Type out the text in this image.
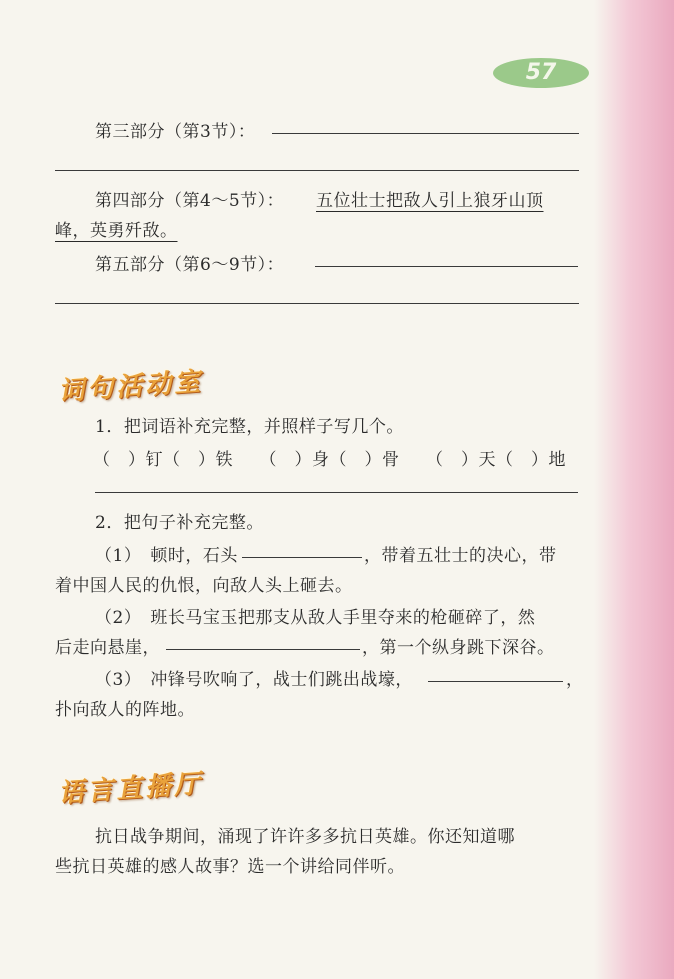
57
第三部分（第3节）：
第四部分（第4～5节）： 五位壮士把敌人引上狼牙山顶
峰，英勇歼敌。
第五部分（第6～9节）：
词句活动室
1．把词语补充完整，并照样子写几个。
（　）钉（　）铁　　（　）身（　）骨　　（　）天（　）地
2．把句子补充完整。
（1）　顿时，石头	，带着五壮士的决心，带
着中国人民的仇恨，向敌人头上砸去。
（2）　班长马宝玉把那支从敌人手里夺来的枪砸碎了，然
后走向悬崖，	，第一个纵身跳下深谷。
（3）　冲锋号吹响了，战士们跳出战壕，	，
扑向敌人的阵地。
语言直播厅
抗日战争期间，涌现了许许多多抗日英雄。你还知道哪
些抗日英雄的感人故事？选一个讲给同伴听。
